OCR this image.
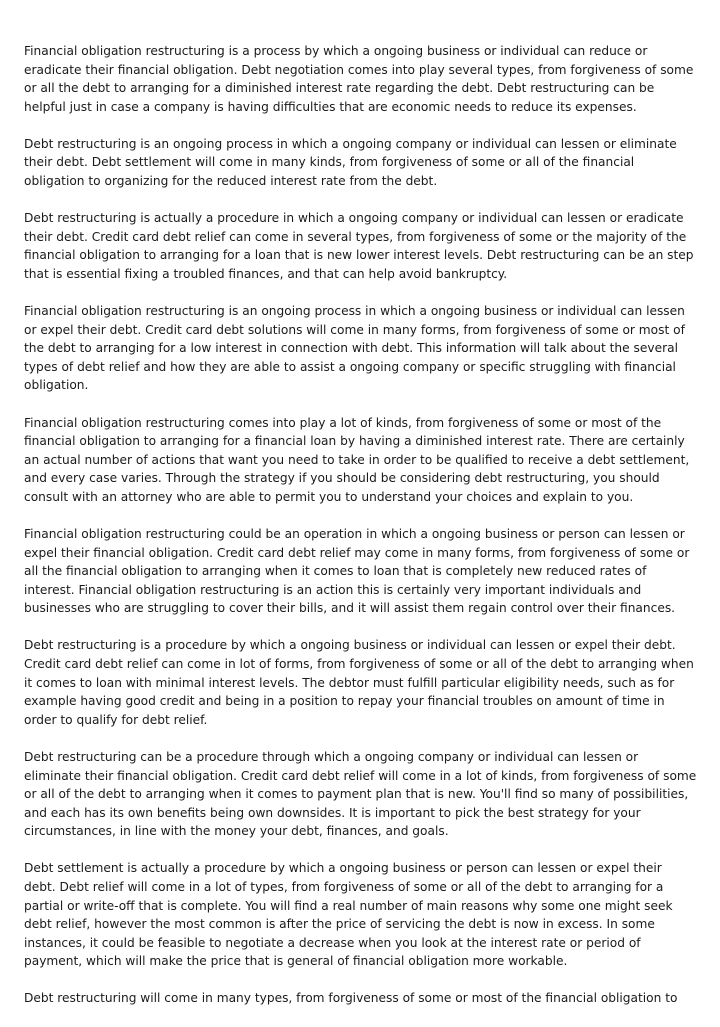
Financial obligation restructuring is a process by which a ongoing business or individual can reduce or eradicate their financial obligation. Debt negotiation comes into play several types, from forgiveness of some or all the debt to arranging for a diminished interest rate regarding the debt. Debt restructuring can be helpful just in case a company is having difficulties that are economic needs to reduce its expenses.

Debt restructuring is an ongoing process in which a ongoing company or individual can lessen or eliminate their debt. Debt settlement will come in many kinds, from forgiveness of some or all of the financial obligation to organizing for the reduced interest rate from the debt.

Debt restructuring is actually a procedure in which a ongoing company or individual can lessen or eradicate their debt. Credit card debt relief can come in several types, from forgiveness of some or the majority of the financial obligation to arranging for a loan that is new lower interest levels. Debt restructuring can be an step that is essential fixing a troubled finances, and that can help avoid bankruptcy.

Financial obligation restructuring is an ongoing process in which a ongoing business or individual can lessen or expel their debt. Credit card debt solutions will come in many forms, from forgiveness of some or most of the debt to arranging for a low interest in connection with debt. This information will talk about the several types of debt relief and how they are able to assist a ongoing company or specific struggling with financial obligation.

Financial obligation restructuring comes into play a lot of kinds, from forgiveness of some or most of the financial obligation to arranging for a financial loan by having a diminished interest rate. There are certainly an actual number of actions that want you need to take in order to be qualified to receive a debt settlement, and every case varies. Through the strategy if you should be considering debt restructuring, you should consult with an attorney who are able to permit you to understand your choices and explain to you.

Financial obligation restructuring could be an operation in which a ongoing business or person can lessen or expel their financial obligation. Credit card debt relief may come in many forms, from forgiveness of some or all the financial obligation to arranging when it comes to loan that is completely new reduced rates of interest. Financial obligation restructuring is an action this is certainly very important individuals and businesses who are struggling to cover their bills, and it will assist them regain control over their finances.

Debt restructuring is a procedure by which a ongoing business or individual can lessen or expel their debt. Credit card debt relief can come in lot of forms, from forgiveness of some or all of the debt to arranging when it comes to loan with minimal interest levels. The debtor must fulfill particular eligibility needs, such as for example having good credit and being in a position to repay your financial troubles on amount of time in order to qualify for debt relief.

Debt restructuring can be a procedure through which a ongoing company or individual can lessen or eliminate their financial obligation. Credit card debt relief will come in a lot of kinds, from forgiveness of some or all of the debt to arranging when it comes to payment plan that is new. You'll find so many of possibilities, and each has its own benefits being own downsides. It is important to pick the best strategy for your circumstances, in line with the money your debt, finances, and goals.

Debt settlement is actually a procedure by which a ongoing business or person can lessen or expel their debt. Debt relief will come in a lot of types, from forgiveness of some or all of the debt to arranging for a partial or write-off that is complete. You will find a real number of main reasons why some one might seek debt relief, however the most common is after the price of servicing the debt is now in excess. In some instances, it could be feasible to negotiate a decrease when you look at the interest rate or period of payment, which will make the price that is general of financial obligation more workable.

Debt restructuring will come in many types, from forgiveness of some or most of the financial obligation to
